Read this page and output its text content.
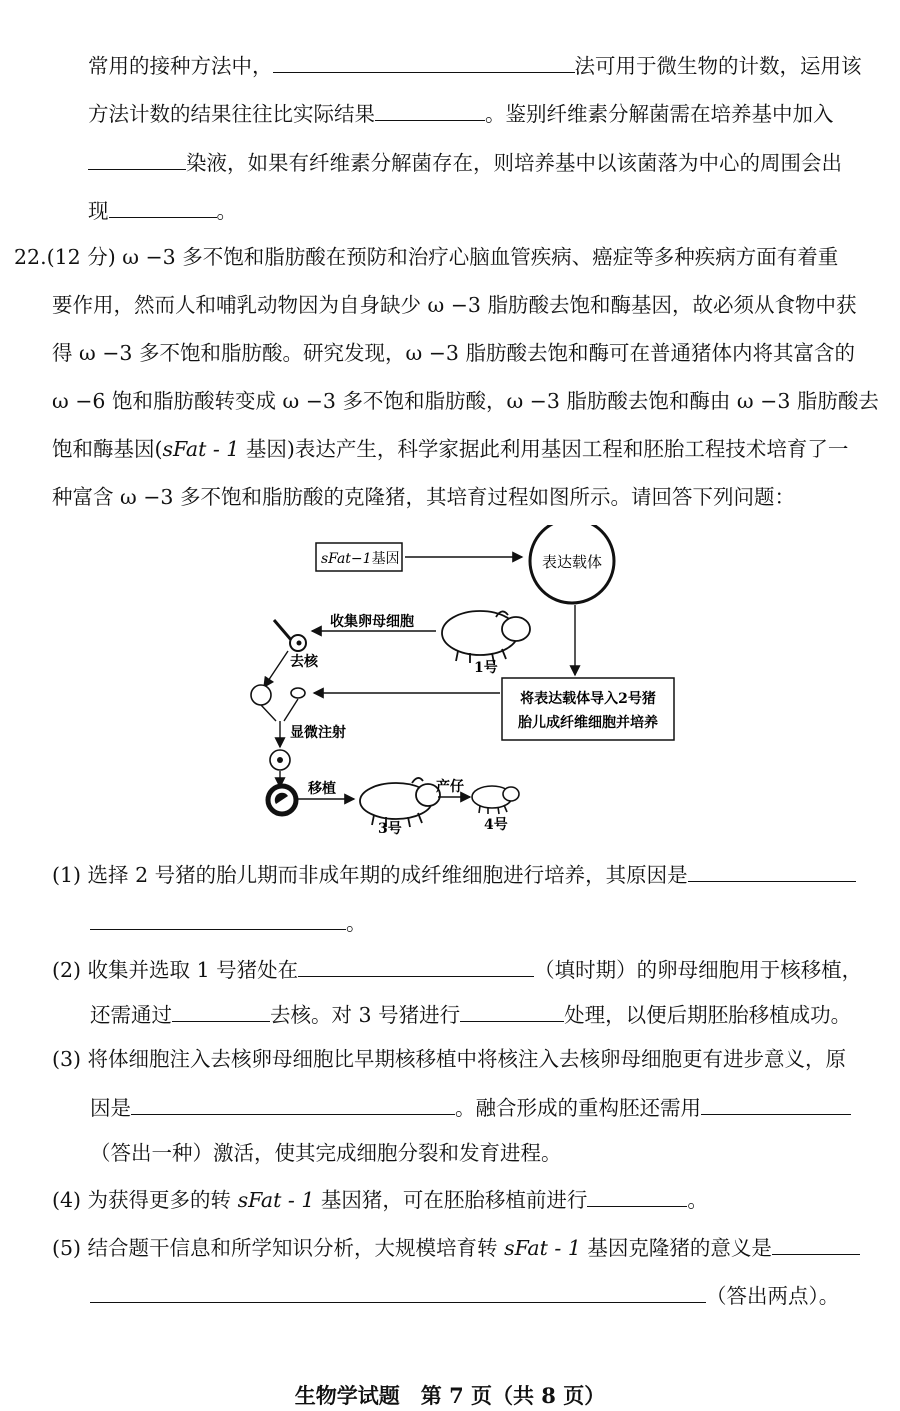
常用的接种方法中，	法可用于微生物的计数，运用该
方法计数的结果往往比实际结果	。鉴别纤维素分解菌需在培养基中加入
染液，如果有纤维素分解菌存在，则培养基中以该菌落为中心的周围会出
现	。
22.(12 分) ω −3 多不饱和脂肪酸在预防和治疗心脑血管疾病、癌症等多种疾病方面有着重
要作用，然而人和哺乳动物因为自身缺少 ω −3 脂肪酸去饱和酶基因，故必须从食物中获
得 ω −3 多不饱和脂肪酸。研究发现，ω −3 脂肪酸去饱和酶可在普通猪体内将其富含的
ω −6 饱和脂肪酸转变成 ω −3 多不饱和脂肪酸，ω −3 脂肪酸去饱和酶由 ω −3 脂肪酸去
饱和酶基因(sFat - 1 基因)表达产生，科学家据此利用基因工程和胚胎工程技术培育了一
种富含 ω −3 多不饱和脂肪酸的克隆猪，其培育过程如图所示。请回答下列问题：
sFat−1基因	表达载体
将表达载体导入2号猪
胎儿成纤维细胞并培养
去核
收集卵母细胞
1号
显微注射
移植
3号
产仔
4号
(1) 选择 2 号猪的胎儿期而非成年期的成纤维细胞进行培养，其原因是
。
(2) 收集并选取 1 号猪处在	（填时期）的卵母细胞用于核移植，
还需通过	去核。对 3 号猪进行	处理，以便后期胚胎移植成功。
(3) 将体细胞注入去核卵母细胞比早期核移植中将核注入去核卵母细胞更有进步意义，原
因是	。融合形成的重构胚还需用
（答出一种）激活，使其完成细胞分裂和发育进程。
(4) 为获得更多的转 sFat - 1 基因猪，可在胚胎移植前进行	。
(5) 结合题干信息和所学知识分析，大规模培育转 sFat - 1 基因克隆猪的意义是
（答出两点）。
生物学试题　第 7 页（共 8 页）
